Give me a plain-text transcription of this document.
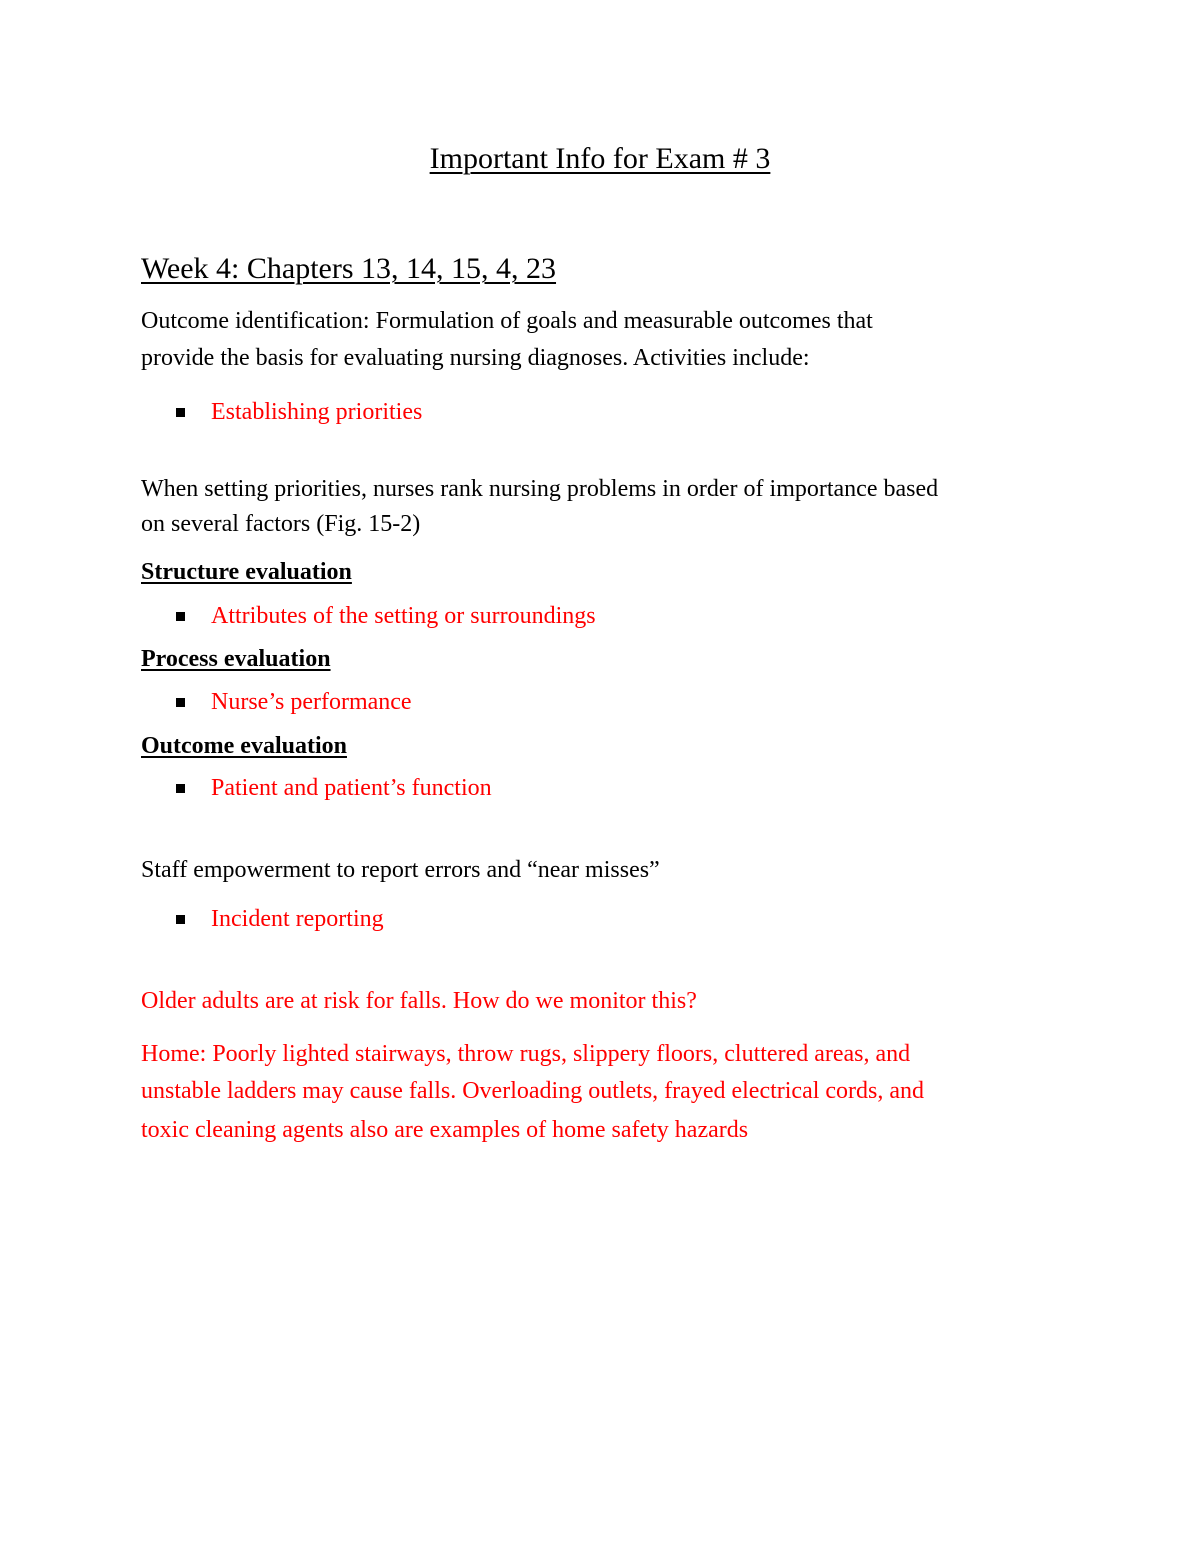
Important Info for Exam # 3
Week 4: Chapters 13, 14, 15, 4, 23

Outcome identification: Formulation of goals and measurable outcomes that

provide the basis for evaluating nursing diagnoses. Activities include:

Establishing priorities

When setting priorities, nurses rank nursing problems in order of importance based

on several factors (Fig. 15-2)

Structure evaluation

Attributes of the setting or surroundings

Process evaluation

Nurse’s performance

Outcome evaluation

Patient and patient’s function

Staff empowerment to report errors and “near misses”

Incident reporting

Older adults are at risk for falls. How do we monitor this?

Home: Poorly lighted stairways, throw rugs, slippery floors, cluttered areas, and

unstable ladders may cause falls. Overloading outlets, frayed electrical cords, and

toxic cleaning agents also are examples of home safety hazards
